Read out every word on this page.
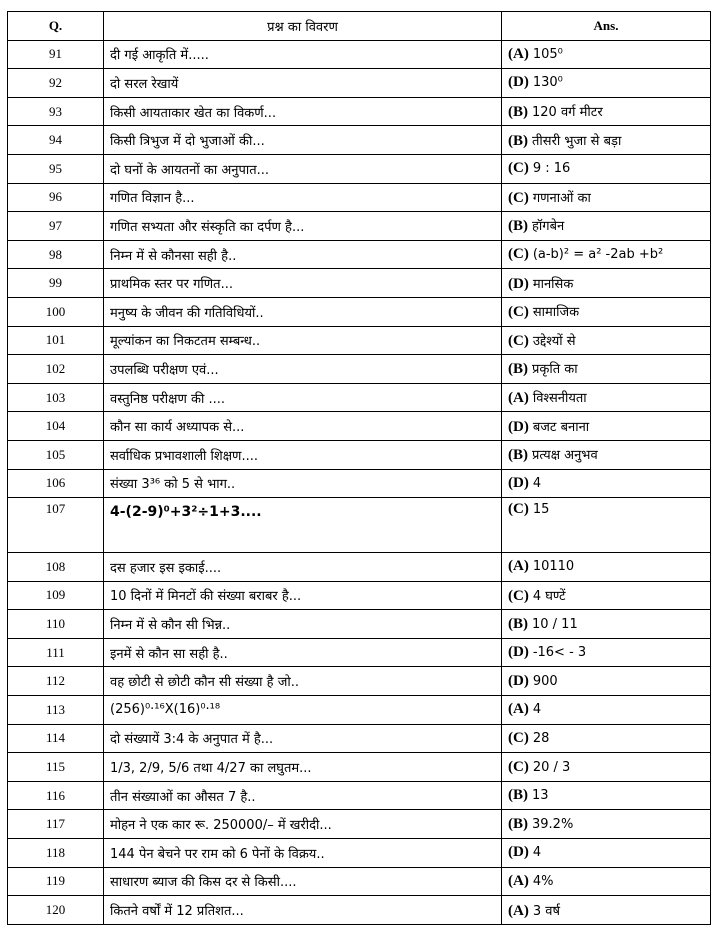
Q.	प्रश्न का विवरण	Ans.
91	दी गई आकृति में.....	(A) 105⁰
92	दो सरल रेखायें	(D) 130⁰
93	किसी आयताकार खेत का विकर्ण...	(B) 120 वर्ग मीटर
94	किसी त्रिभुज में दो भुजाओं की...	(B) तीसरी भुजा से बड़ा
95	दो घनों के आयतनों का अनुपात...	(C) 9 : 16
96	गणित विज्ञान है...	(C) गणनाओं का
97	गणित सभ्यता और संस्कृति का दर्पण है...	(B) हॉगबेन
98	निम्न में से कौनसा सही है..	(C) (a-b)² = a² -2ab +b²
99	प्राथमिक स्तर पर गणित...	(D) मानसिक
100	मनुष्य के जीवन की गतिविधियों..	(C) सामाजिक
101	मूल्यांकन का निकटतम सम्बन्ध..	(C) उद्देश्यों से
102	उपलब्धि परीक्षण एवं...	(B) प्रकृति का
103	वस्तुनिष्ठ परीक्षण की ....	(A) विश्सनीयता
104	कौन सा कार्य अध्यापक से...	(D) बजट बनाना
105	सर्वाधिक प्रभावशाली शिक्षण....	(B) प्रत्यक्ष अनुभव
106	संख्या 3³⁶ को 5 से भाग..	(D) 4
107	4-(2-9)⁰+3²÷1+3....	(C) 15
108	दस हजार इस इकाई....	(A) 10110
109	10 दिनों में मिनटों की संख्या बराबर है...	(C) 4 घण्टें
110	निम्न में से कौन सी भिन्न..	(B) 10 / 11
111	इनमें से कौन सा सही है..	(D) -16< - 3
112	वह छोटी से छोटी कौन सी संख्या है जो..	(D) 900
113	(256)⁰·¹⁶X(16)⁰·¹⁸	(A) 4
114	दो संख्यायें 3:4 के अनुपात में है...	(C) 28
115	1/3, 2/9, 5/6 तथा 4/27 का लघुतम...	(C) 20 / 3
116	तीन संख्याओं का औसत 7 है..	(B) 13
117	मोहन ने एक कार रू. 250000/– में खरीदी...	(B) 39.2%
118	144 पेन बेचने पर राम को 6 पेनों के विक्रय..	(D) 4
119	साधारण ब्याज की किस दर से किसी....	(A) 4%
120	कितने वर्षों में 12 प्रतिशत...	(A) 3 वर्ष
